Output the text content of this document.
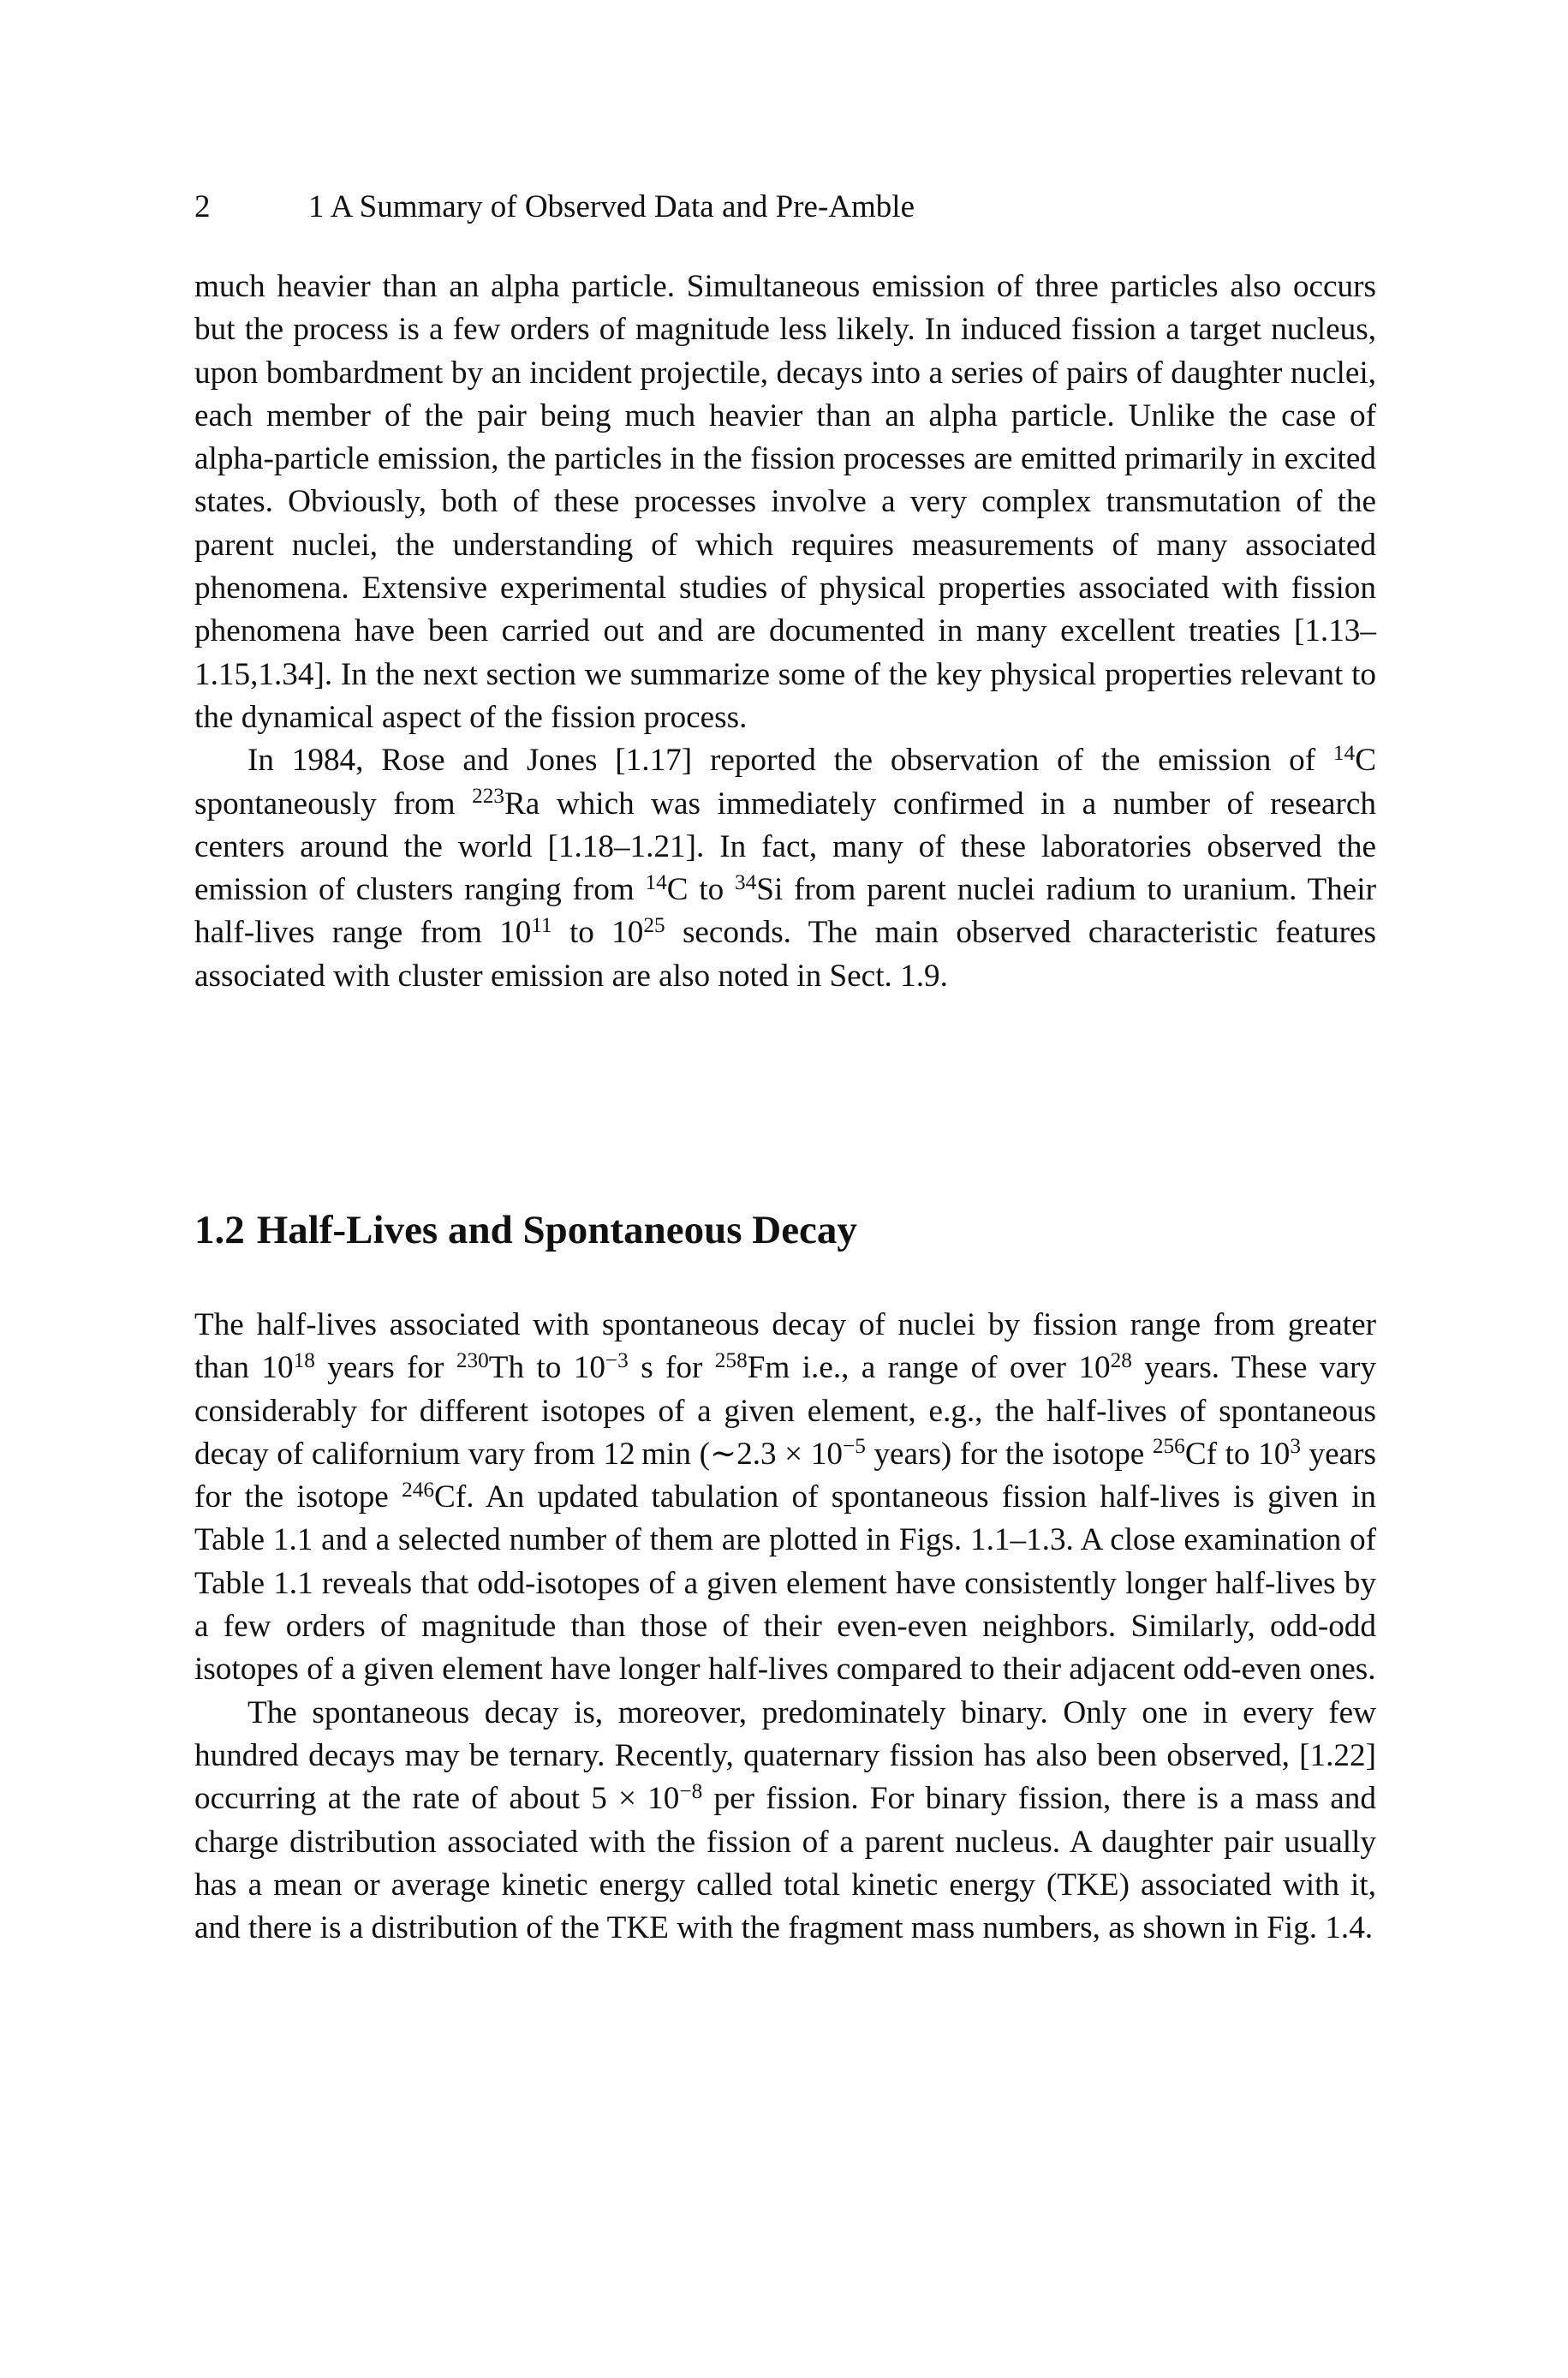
2	1 A Summary of Observed Data and Pre-Amble

much heavier than an alpha particle. Simultaneous emission of three particles also occurs but the process is a few orders of magnitude less likely. In induced fission a target nucleus, upon bombardment by an incident projectile, decays into a series of pairs of daughter nuclei, each member of the pair being much heavier than an alpha particle. Unlike the case of alpha-particle emission, the particles in the fission processes are emitted primarily in excited states. Obviously, both of these processes involve a very complex transmutation of the parent nuclei, the understanding of which requires measurements of many associated phenomena. Extensive experimental studies of physical properties associated with fission phenomena have been carried out and are documented in many excellent treaties [1.13–1.15,1.34]. In the next section we summarize some of the key physical properties relevant to the dynamical aspect of the fission process.

In 1984, Rose and Jones [1.17] reported the observation of the emission of $^{14}$C spontaneously from $^{223}$Ra which was immediately confirmed in a number of research centers around the world [1.18–1.21]. In fact, many of these laboratories observed the emission of clusters ranging from $^{14}$C to $^{34}$Si from parent nuclei radium to uranium. Their half-lives range from $10^{11}$ to $10^{25}$ seconds. The main observed characteristic features associated with cluster emission are also noted in Sect. 1.9.

1.2 Half-Lives and Spontaneous Decay

The half-lives associated with spontaneous decay of nuclei by fission range from greater than $10^{18}$ years for $^{230}$Th to $10^{-3}$ s for $^{258}$Fm i.e., a range of over $10^{28}$ years. These vary considerably for different isotopes of a given element, e.g., the half-lives of spontaneous decay of californium vary from 12 min (∼2.3 × $10^{-5}$ years) for the isotope $^{256}$Cf to $10^3$ years for the isotope $^{246}$Cf. An updated tabulation of spontaneous fission half-lives is given in Table 1.1 and a selected number of them are plotted in Figs. 1.1–1.3. A close examination of Table 1.1 reveals that odd-isotopes of a given element have consistently longer half-lives by a few orders of magnitude than those of their even-even neighbors. Similarly, odd-odd isotopes of a given element have longer half-lives compared to their adjacent odd-even ones.

The spontaneous decay is, moreover, predominately binary. Only one in every few hundred decays may be ternary. Recently, quaternary fission has also been observed, [1.22] occurring at the rate of about $5 \times 10^{-8}$ per fission. For binary fission, there is a mass and charge distribution associated with the fission of a parent nucleus. A daughter pair usually has a mean or average kinetic energy called total kinetic energy (TKE) associated with it, and there is a distribution of the TKE with the fragment mass numbers, as shown in Fig. 1.4.
